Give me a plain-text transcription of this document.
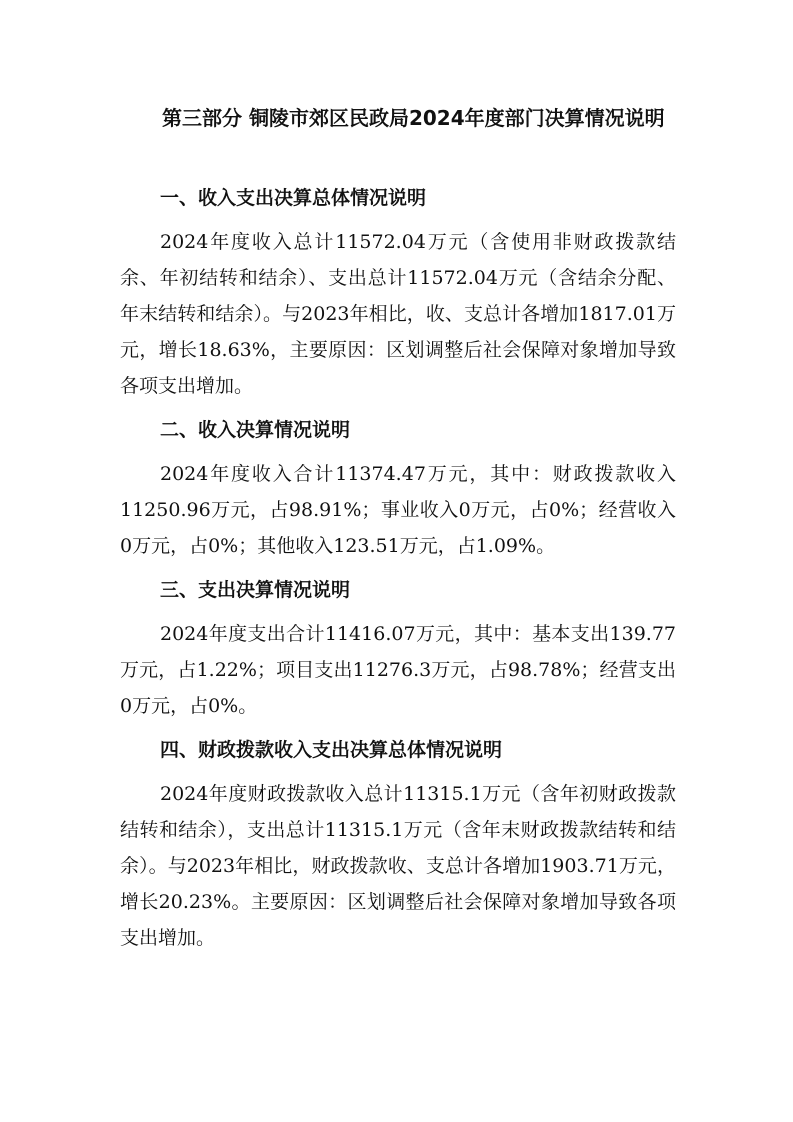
第三部分 铜陵市郊区民政局2024年度部门决算情况说明

一、收入支出决算总体情况说明

2024年度收入总计11572.04万元（含使用非财政拨款结余、年初结转和结余）、支出总计11572.04万元（含结余分配、年末结转和结余）。与2023年相比，收、支总计各增加1817.01万元，增长18.63%，主要原因：区划调整后社会保障对象增加导致各项支出增加。

二、收入决算情况说明

2024年度收入合计11374.47万元，其中：财政拨款收入11250.96万元，占98.91%；事业收入0万元，占0%；经营收入0万元，占0%；其他收入123.51万元，占1.09%。

三、支出决算情况说明

2024年度支出合计11416.07万元，其中：基本支出139.77万元，占1.22%；项目支出11276.3万元，占98.78%；经营支出0万元，占0%。

四、财政拨款收入支出决算总体情况说明

2024年度财政拨款收入总计11315.1万元（含年初财政拨款结转和结余），支出总计11315.1万元（含年末财政拨款结转和结余）。与2023年相比，财政拨款收、支总计各增加1903.71万元，增长20.23%。主要原因：区划调整后社会保障对象增加导致各项支出增加。
